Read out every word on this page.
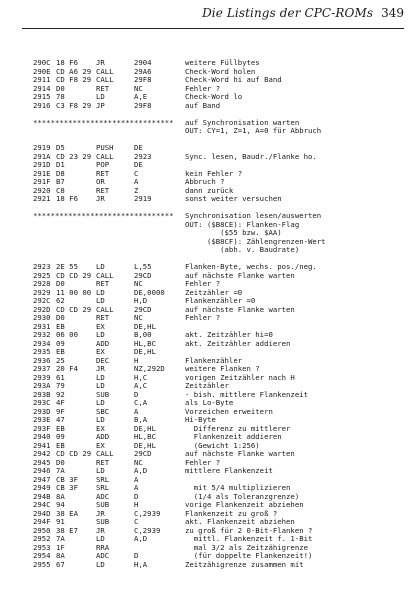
Die Listings der CPC-ROMs 349
290C 18 F6 JR	2904	weitere Füllbytes
290E CD A6 29 CALL	29A6	Check-Word holen
2911 CD F8 29 CALL	29F8	Check-Word hi auf Band
2914 D0	RET	NC	Fehler ?
2915 78	LD	A,E	Check-Word lo
2916 C3 F8 29 JP	29F8	auf Band
******************************** auf Synchronisation warten
OUT: CY=1, Z=1, A=0 für Abbruch
2919 D5	PUSH	DE
291A CD 23 29 CALL	2923	Sync. lesen, Baudr./Flanke ho.
291D D1	POP	DE
291E D8	RET	C	kein Fehler ?
291F B7	OR	A	Abbruch ?
2920 C8	RET	Z	dann zurück
2921 18 F6 JR	2919	sonst weiter versuchen
******************************** Synchronisation lesen/auswerten
OUT: ($B8CE): Flanken-Flag
($55 bzw. $AA)
($B8CF): Zählengrenzen-Wert
(abh. v. Baudrate)
2923 2E 55 LD	L,55	Flanken-Byte, wechs. pos./neg.
2925 CD CD 29 CALL	29CD	auf nächste Flanke warten
2928 D0	RET	NC	Fehler ?
2929 11 00 00 LD	DE,0000	Zeitzähler =0
292C 62	LD	H,D	Flankenzähler =0
292D CD CD 29 CALL	29CD	auf nächste Flanke warten
2930 D0	RET	NC	Fehler ?
2931 EB	EX	DE,HL
2932 06 00 LD	B,00	akt. Zeitzähler hi=0
2934 09	ADD	HL,BC	akt. Zeitzähler addieren
2935 EB	EX	DE,HL
2936 25	DEC	H	Flankenzähler
2937 20 F4 JR	NZ,292D	weitere Flanken ?
2939 61	LD	H,C	vorigen Zeitzähler nach H
293A 79	LD	A,C	Zeitzähler
293B 92	SUB	D	- bish. mittlere Flankenzeit
293C 4F	LD	C,A	als Lo-Byte
293D 9F	SBC	A	Vorzeichen erweitern
293E 47	LD	B,A	Hi-Byte
293F EB	EX	DE,HL	Differenz zu mittlerer
2940 09	ADD	HL,BC	Flankenzeit addieren
2941 EB	EX	DE,HL	(Gewicht 1:256)
2942 CD CD 29 CALL	29CD	auf nächste Flanke warten
2945 D0	RET	NC	Fehler ?
2946 7A	LD	A,D	mittlere Flankenzeit
2947 CB 3F SRL	A
2949 CB 3F SRL	A	mit 5/4 multiplizieren
294B 8A	ADC	D	(1/4 als Toleranzgrenze)
294C 94	SUB	H	vorige Flankenzeit abziehen
294D 38 EA JR	C,2939	Flankenzeit zu groß ?
294F 91	SUB	C	akt. Flankenzeit abziehen
2950 38 E7 JR	C,2939	zu groß für 2 0-Bit-Flanken ?
2952 7A	LD	A,D	mittl. Flankenzeit f. 1-Bit
2953 1F	RRA	mal 3/2 als Zeitzähigrenze
2954 8A	ADC	D	(für doppelte Flankenzeit!)
2955 67	LD	H,A	Zeitzähigrenze zusammen mit
